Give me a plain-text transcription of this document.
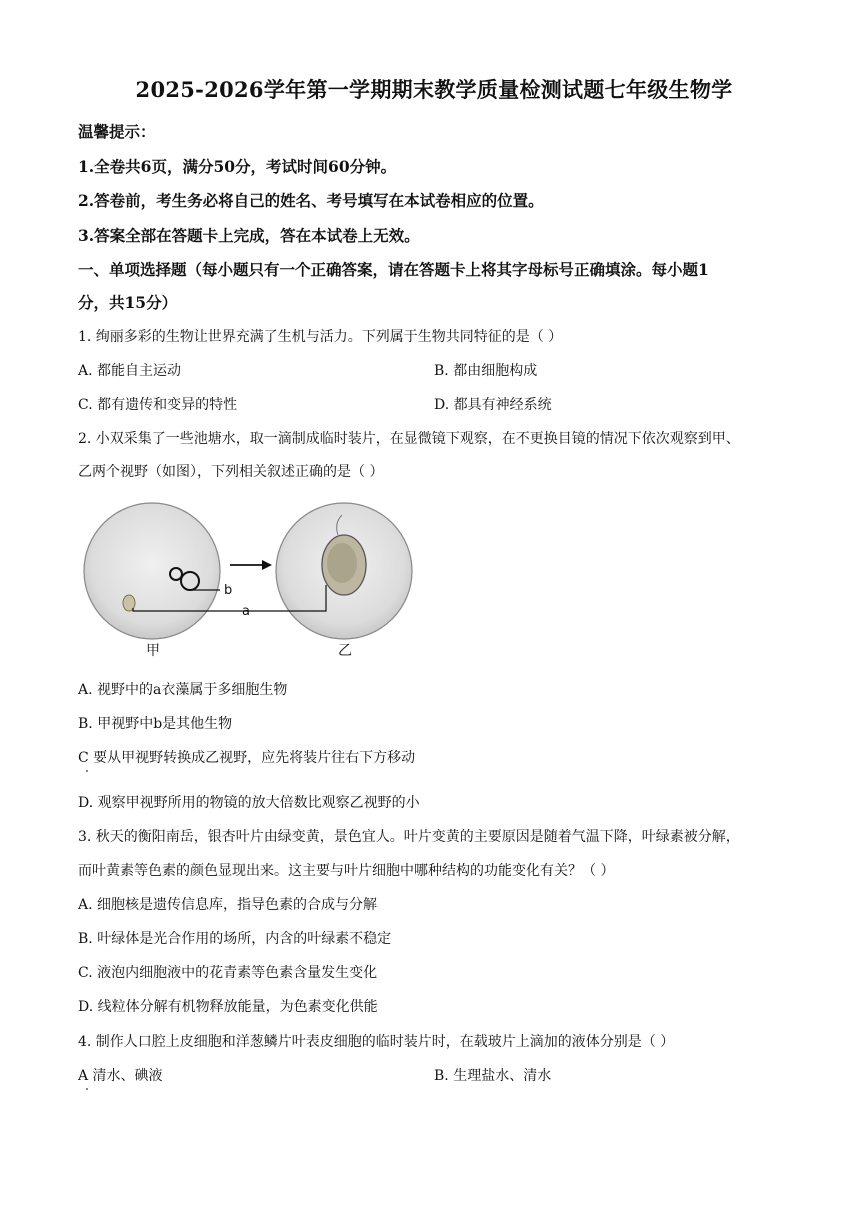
2025-2026学年第一学期期末教学质量检测试题七年级生物学
温馨提示：
1.全卷共6页，满分50分，考试时间60分钟。
2.答卷前，考生务必将自己的姓名、考号填写在本试卷相应的位置。
3.答案全部在答题卡上完成，答在本试卷上无效。
一、单项选择题（每小题只有一个正确答案，请在答题卡上将其字母标号正确填涂。每小题1
分，共15分）
1. 绚丽多彩的生物让世界充满了生机与活力。下列属于生物共同特征的是（ ）
A. 都能自主运动	B. 都由细胞构成
C. 都有遗传和变异的特性	D. 都具有神经系统
2. 小双采集了一些池塘水，取一滴制成临时装片，在显微镜下观察，在不更换目镜的情况下依次观察到甲、
乙两个视野（如图），下列相关叙述正确的是（ ）
b
a
甲	乙
A. 视野中的a衣藻属于多细胞生物
B. 甲视野中b是其他生物
C 要从甲视野转换成乙视野，应先将装片往右下方移动
D. 观察甲视野所用的物镜的放大倍数比观察乙视野的小
3. 秋天的衡阳南岳，银杏叶片由绿变黄，景色宜人。叶片变黄的主要原因是随着气温下降，叶绿素被分解，
而叶黄素等色素的颜色显现出来。这主要与叶片细胞中哪种结构的功能变化有关？（ ）
A. 细胞核是遗传信息库，指导色素的合成与分解
B. 叶绿体是光合作用的场所，内含的叶绿素不稳定
C. 液泡内细胞液中的花青素等色素含量发生变化
D. 线粒体分解有机物释放能量，为色素变化供能
4. 制作人口腔上皮细胞和洋葱鳞片叶表皮细胞的临时装片时，在载玻片上滴加的液体分别是（ ）
A 清水、碘液	B. 生理盐水、清水
